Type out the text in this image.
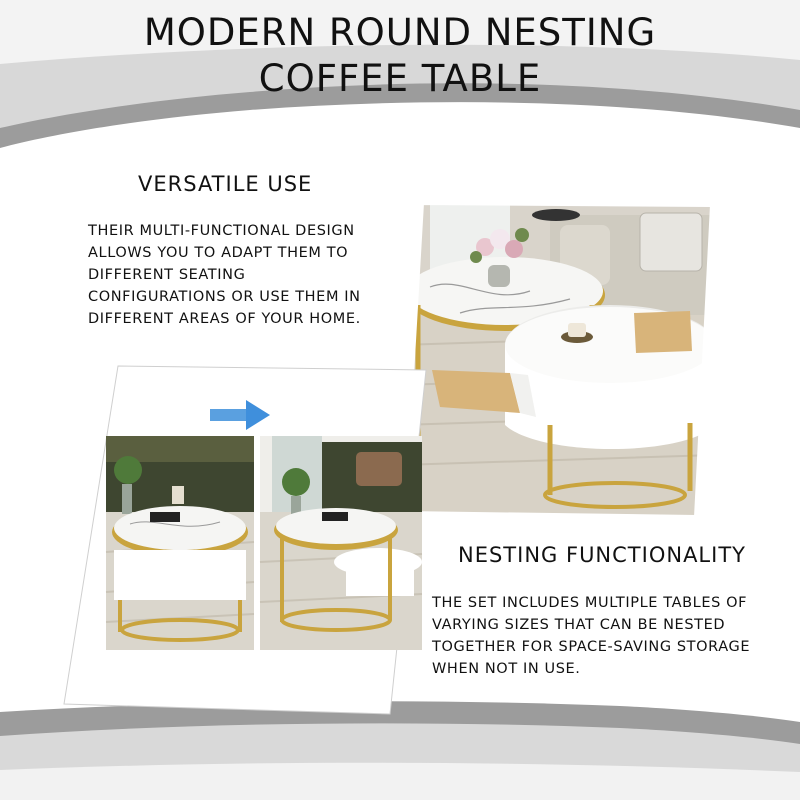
MODERN ROUND NESTING
COFFEE TABLE
VERSATILE USE
THEIR MULTI-FUNCTIONAL DESIGN
ALLOWS YOU TO ADAPT THEM TO
DIFFERENT SEATING
CONFIGURATIONS OR USE THEM IN
DIFFERENT AREAS OF YOUR HOME.
NESTING FUNCTIONALITY
THE SET INCLUDES MULTIPLE TABLES OF
VARYING SIZES THAT CAN BE NESTED
TOGETHER FOR SPACE-SAVING STORAGE
WHEN NOT IN USE.
